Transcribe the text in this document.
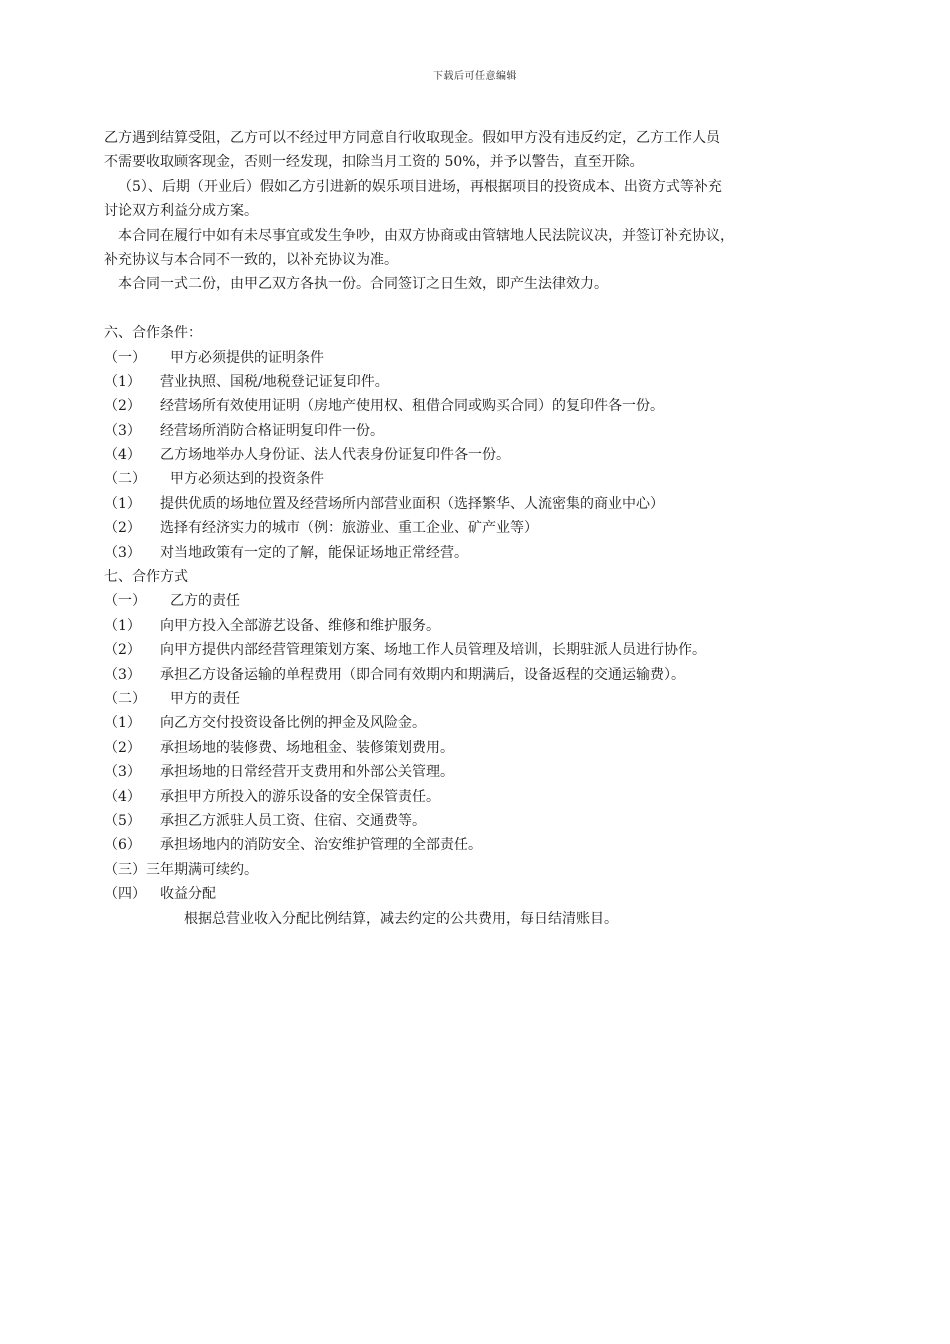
下载后可任意编辑
乙方遇到结算受阻，乙方可以不经过甲方同意自行收取现金。假如甲方没有违反约定，乙方工作人员
不需要收取顾客现金，否则一经发现，扣除当月工资的 50%，并予以警告，直至开除。
（5）、后期（开业后）假如乙方引进新的娱乐项目进场，再根据项目的投资成本、出资方式等补充
讨论双方利益分成方案。
本合同在履行中如有未尽事宜或发生争吵，由双方协商或由管辖地人民法院议决，并签订补充协议，
补充协议与本合同不一致的，以补充协议为准。
本合同一式二份，由甲乙双方各执一份。合同签订之日生效，即产生法律效力。
六、合作条件：
（一） 甲方必须提供的证明条件
（1） 营业执照、国税/地税登记证复印件。
（2） 经营场所有效使用证明（房地产使用权、租借合同或购买合同）的复印件各一份。
（3） 经营场所消防合格证明复印件一份。
（4） 乙方场地举办人身份证、法人代表身份证复印件各一份。
（二） 甲方必须达到的投资条件
（1） 提供优质的场地位置及经营场所内部营业面积（选择繁华、人流密集的商业中心）
（2） 选择有经济实力的城市（例：旅游业、重工企业、矿产业等）
（3） 对当地政策有一定的了解，能保证场地正常经营。
七、合作方式
（一） 乙方的责任
（1） 向甲方投入全部游艺设备、维修和维护服务。
（2） 向甲方提供内部经营管理策划方案、场地工作人员管理及培训，长期驻派人员进行协作。
（3） 承担乙方设备运输的单程费用（即合同有效期内和期满后，设备返程的交通运输费）。
（二） 甲方的责任
（1） 向乙方交付投资设备比例的押金及风险金。
（2） 承担场地的装修费、场地租金、装修策划费用。
（3） 承担场地的日常经营开支费用和外部公关管理。
（4） 承担甲方所投入的游乐设备的安全保管责任。
（5） 承担乙方派驻人员工资、住宿、交通费等。
（6） 承担场地内的消防安全、治安维护管理的全部责任。
（三）三年期满可续约。
（四） 收益分配
根据总营业收入分配比例结算，减去约定的公共费用，每日结清账目。
